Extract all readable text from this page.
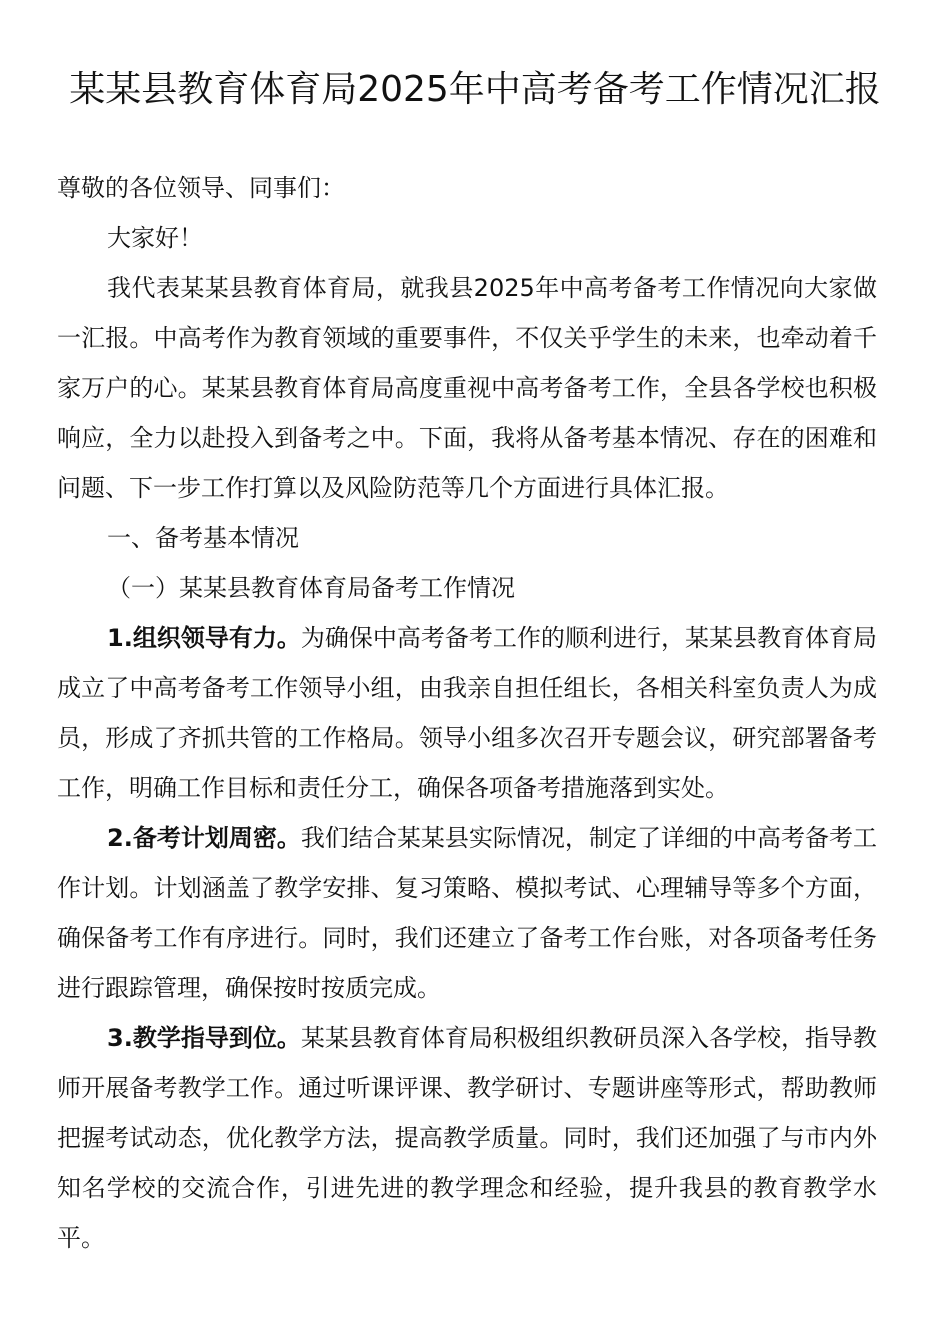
某某县教育体育局2025年中高考备考工作情况汇报

尊敬的各位领导、同事们：

大家好！

我代表某某县教育体育局，就我县2025年中高考备考工作情况向大家做一汇报。中高考作为教育领域的重要事件，不仅关乎学生的未来，也牵动着千家万户的心。某某县教育体育局高度重视中高考备考工作，全县各学校也积极响应，全力以赴投入到备考之中。下面，我将从备考基本情况、存在的困难和问题、下一步工作打算以及风险防范等几个方面进行具体汇报。

一、备考基本情况

（一）某某县教育体育局备考工作情况

1.组织领导有力。为确保中高考备考工作的顺利进行，某某县教育体育局成立了中高考备考工作领导小组，由我亲自担任组长，各相关科室负责人为成员，形成了齐抓共管的工作格局。领导小组多次召开专题会议，研究部署备考工作，明确工作目标和责任分工，确保各项备考措施落到实处。

2.备考计划周密。我们结合某某县实际情况，制定了详细的中高考备考工作计划。计划涵盖了教学安排、复习策略、模拟考试、心理辅导等多个方面，确保备考工作有序进行。同时，我们还建立了备考工作台账，对各项备考任务进行跟踪管理，确保按时按质完成。

3.教学指导到位。某某县教育体育局积极组织教研员深入各学校，指导教师开展备考教学工作。通过听课评课、教学研讨、专题讲座等形式，帮助教师把握考试动态，优化教学方法，提高教学质量。同时，我们还加强了与市内外知名学校的交流合作，引进先进的教学理念和经验，提升我县的教育教学水平。
